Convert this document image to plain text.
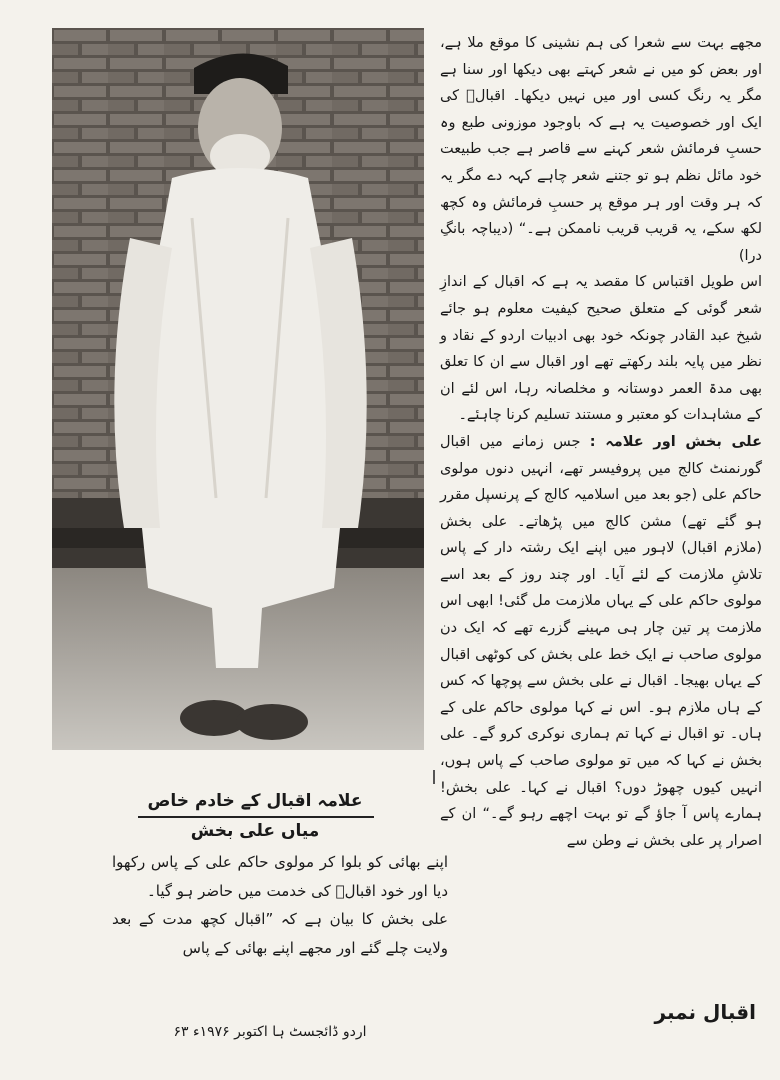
علامہ اقبال کے خادم خاص میاں علی بخش

اپنے بھائی کو بلوا کر مولوی حاکم علی کے پاس رکھوا دیا اور خود اقبالؒ کی خدمت میں حاضر ہو گیا۔

علی بخش کا بیان ہے کہ ”اقبال کچھ مدت کے بعد ولایت چلے گئے اور مجھے اپنے بھائی کے پاس

اردو ڈائجسٹ ہا اکتوبر ۱۹۷۶ء ۶۳

مجھے بہت سے شعرا کی ہم نشینی کا موقع ملا ہے، اور بعض کو میں نے شعر کہتے بھی دیکھا اور سنا ہے مگر یہ رنگ کسی اور میں نہیں دیکھا۔ اقبالؒ کی ایک اور خصوصیت یہ ہے کہ باوجود موزونی طبع وہ حسبِ فرمائش شعر کہنے سے قاصر ہے جب طبیعت خود مائل نظم ہو تو جتنے شعر چاہے کہہ دے مگر یہ کہ ہر وقت اور ہر موقع پر حسبِ فرمائش وہ کچھ لکھ سکے، یہ قریب قریب ناممکن ہے۔“ (دیباچہ بانگِ درا)

اس طویل اقتباس کا مقصد یہ ہے کہ اقبال کے اندازِ شعر گوئی کے متعلق صحیح کیفیت معلوم ہو جائے شیخ عبد القادر چونکہ خود بھی ادبیات اردو کے نقاد و نظر میں پایہ بلند رکھتے تھے اور اقبال سے ان کا تعلق بھی مدۃ العمر دوستانہ و مخلصانہ رہا، اس لئے ان کے مشاہدات کو معتبر و مستند تسلیم کرنا چاہئے۔

علی بخش اور علامہ : جس زمانے میں اقبال گورنمنٹ کالج میں پروفیسر تھے، انہیں دنوں مولوی حاکم علی (جو بعد میں اسلامیہ کالج کے پرنسپل مقرر ہو گئے تھے) مشن کالج میں پڑھاتے۔ علی بخش (ملازم اقبال) لاہور میں اپنے ایک رشتہ دار کے پاس تلاشِ ملازمت کے لئے آیا۔ اور چند روز کے بعد اسے مولوی حاکم علی کے یہاں ملازمت مل گئی! ابھی اس ملازمت پر تین چار ہی مہینے گزرے تھے کہ ایک دن مولوی صاحب نے ایک خط علی بخش کی کوٹھی اقبال کے یہاں بھیجا۔ اقبال نے علی بخش سے پوچھا کہ کس کے ہاں ملازم ہو۔ اس نے کہا مولوی حاکم علی کے ہاں۔ تو اقبال نے کہا تم ہماری نوکری کرو گے۔ علی بخش نے کہا کہ میں تو مولوی صاحب کے پاس ہوں، انہیں کیوں چھوڑ دوں؟ اقبال نے کہا۔ علی بخش! ہمارے پاس آ جاؤ گے تو بہت اچھے رہو گے۔“ ان کے اصرار پر علی بخش نے وطن سے

اقبال نمبر
